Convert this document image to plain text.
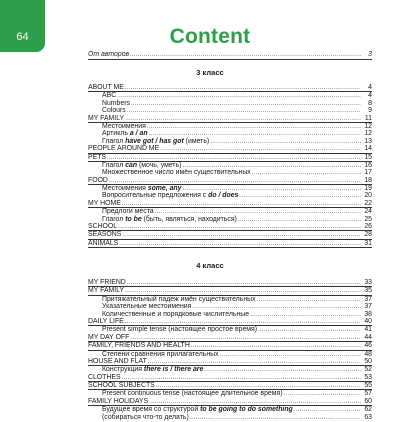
64	Content
От авторов .....	3
3 класс
ABOUT ME .....	4
ABC .....	4
Numbers .....	8
Colours .....	9
MY FAMILY .....	11
Местоимения .....	12
Артикль a / an .....	12
Глагол have got / has got (иметь) .....	13
PEOPLE AROUND ME .....	14
PETS .....	15
Глагол can (мочь, уметь) .....	16
Множественное число имён существительных .....	17
FOOD .....	18
Местоимения some, any .....	19
Вопросительные предложения с do / does .....	20
MY HOME .....	22
Предлоги места .....	24
Глагол to be (быть, являться, находиться) .....	25
SCHOOL .....	26
SEASONS .....	28
ANIMALS .....	31
4 класс
MY FRIEND .....	33
MY FAMILY .....	35
Притяжательный падеж имён существительных .....	37
Указательные местоимения .....	37
Количественные и порядковые числительные .....	38
DAILY LIFE .....	40
Present simple tense (настоящее простое время) .....	41
MY DAY OFF .....	44
FAMILY, FRIENDS AND HEALTH .....	46
Степени сравнения прилагательных .....	48
HOUSE AND FLAT .....	50
Конструкция there is / there are .....	52
CLOTHES .....	53
SCHOOL SUBJECTS .....	55
Present continuous tense (настоящее длительное время) .....	57
FAMILY HOLIDAYS .....	60
Будущее время со структурой to be going to do something .....	62
(собираться что-то делать) .....	63
